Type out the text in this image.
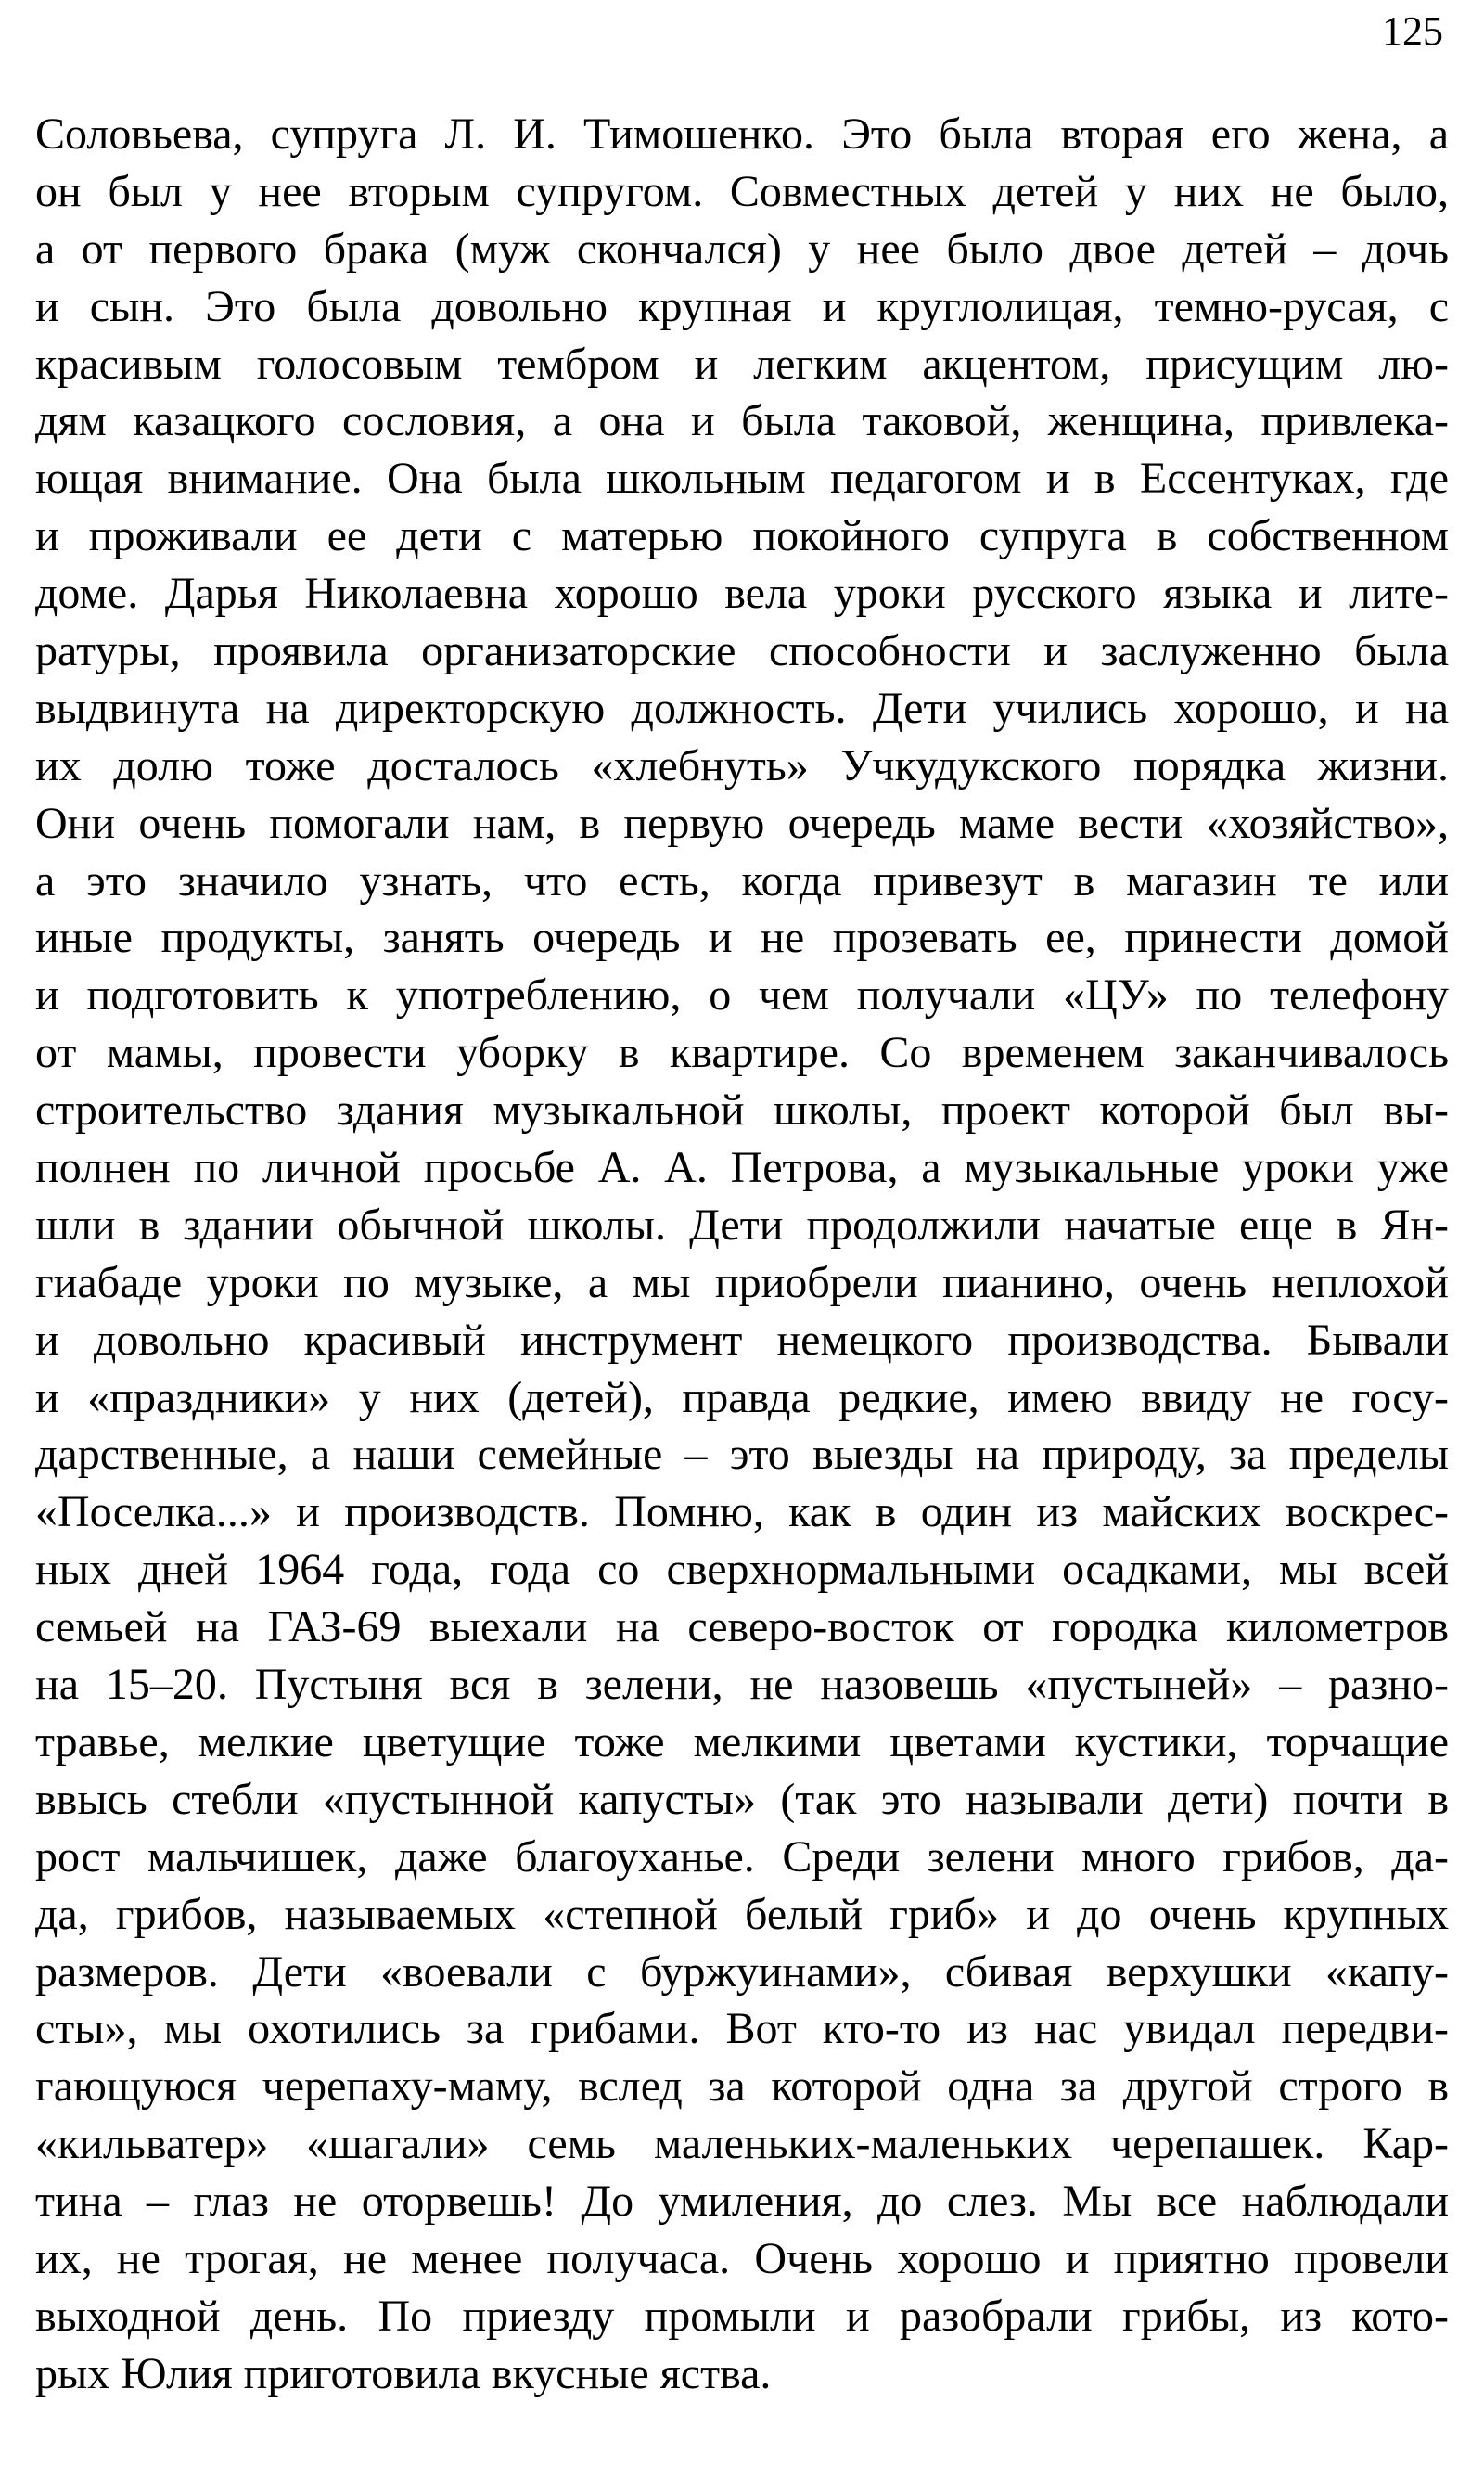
125
Соловьева, супруга Л. И. Тимошенко. Это была вторая его жена, а
он был у нее вторым супругом. Совместных детей у них не было,
а от первого брака (муж скончался) у нее было двое детей – дочь
и сын. Это была довольно крупная и круглолицая, темно-русая, с
красивым голосовым тембром и легким акцентом, присущим лю-
дям казацкого сословия, а она и была таковой, женщина, привлека-
ющая внимание. Она была школьным педагогом и в Ессентуках, где
и проживали ее дети с матерью покойного супруга в собственном
доме. Дарья Николаевна хорошо вела уроки русского языка и лите-
ратуры, проявила организаторские способности и заслуженно была
выдвинута на директорскую должность. Дети учились хорошо, и на
их долю тоже досталось «хлебнуть» Учкудукского порядка жизни.
Они очень помогали нам, в первую очередь маме вести «хозяйство»,
а это значило узнать, что есть, когда привезут в магазин те или
иные продукты, занять очередь и не прозевать ее, принести домой
и подготовить к употреблению, о чем получали «ЦУ» по телефону
от мамы, провести уборку в квартире. Со временем заканчивалось
строительство здания музыкальной школы, проект которой был вы-
полнен по личной просьбе А. А. Петрова, а музыкальные уроки уже
шли в здании обычной школы. Дети продолжили начатые еще в Ян-
гиабаде уроки по музыке, а мы приобрели пианино, очень неплохой
и довольно красивый инструмент немецкого производства. Бывали
и «праздники» у них (детей), правда редкие, имею ввиду не госу-
дарственные, а наши семейные – это выезды на природу, за пределы
«Поселка...» и производств. Помню, как в один из майских воскрес-
ных дней 1964 года, года со сверхнормальными осадками, мы всей
семьей на ГАЗ-69 выехали на северо-восток от городка километров
на 15–20. Пустыня вся в зелени, не назовешь «пустыней» – разно-
травье, мелкие цветущие тоже мелкими цветами кустики, торчащие
ввысь стебли «пустынной капусты» (так это называли дети) почти в
рост мальчишек, даже благоуханье. Среди зелени много грибов, да-
да, грибов, называемых «степной белый гриб» и до очень крупных
размеров. Дети «воевали с буржуинами», сбивая верхушки «капу-
сты», мы охотились за грибами. Вот кто-то из нас увидал передви-
гающуюся черепаху-маму, вслед за которой одна за другой строго в
«кильватер» «шагали» семь маленьких-маленьких черепашек. Кар-
тина – глаз не оторвешь! До умиления, до слез. Мы все наблюдали
их, не трогая, не менее получаса. Очень хорошо и приятно провели
выходной день. По приезду промыли и разобрали грибы, из кото-
рых Юлия приготовила вкусные яства.
